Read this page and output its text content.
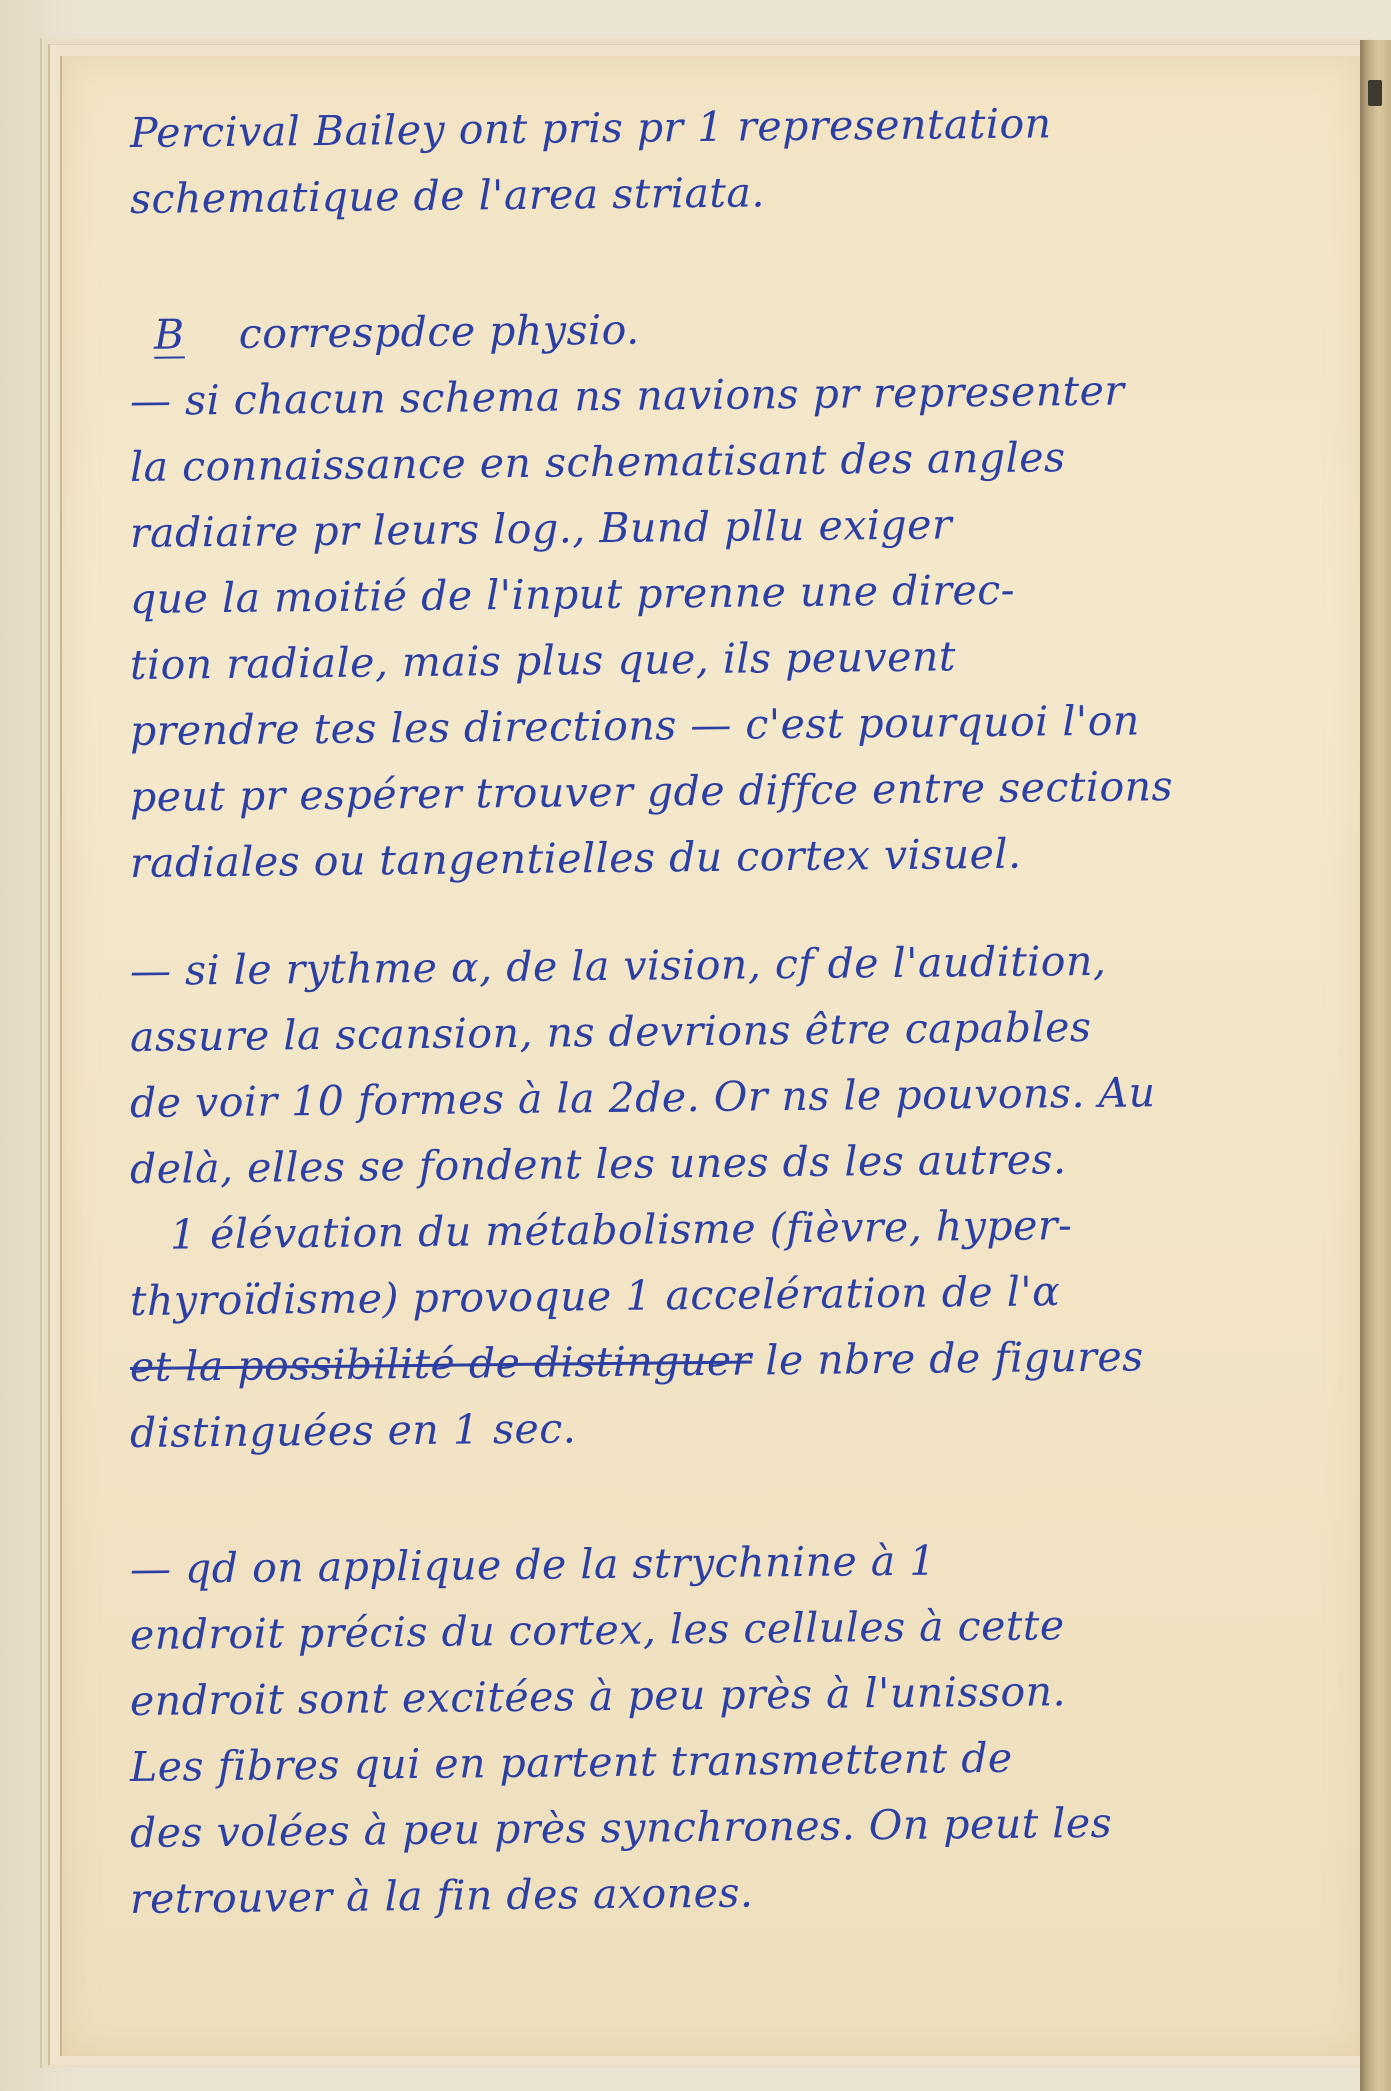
Percival Bailey ont pris pr 1 representation
schematique de l'area striata.
B correspdce physio.
— si chacun schema ns navions pr representer
la connaissance en schematisant des angles
radiaire pr leurs log., Bund pllu exiger
que la moitié de l'input prenne une direc-
tion radiale, mais plus que, ils peuvent
prendre tes les directions — c'est pourquoi l'on
peut pr espérer trouver gde diffce entre sections
radiales ou tangentielles du cortex visuel.
— si le rythme α, de la vision, cf de l'audition,
assure la scansion, ns devrions être capables
de voir 10 formes à la 2de. Or ns le pouvons. Au
delà, elles se fondent les unes ds les autres.
1 élévation du métabolisme (fièvre, hyper-
thyroïdisme) provoque 1 accelération de l'α
et la possibilité de distinguer le nbre de figures
distinguées en 1 sec.
— qd on applique de la strychnine à 1
endroit précis du cortex, les cellules à cette
endroit sont excitées à peu près à l'unisson.
Les fibres qui en partent transmettent de
des volées à peu près synchrones. On peut les
retrouver à la fin des axones.
